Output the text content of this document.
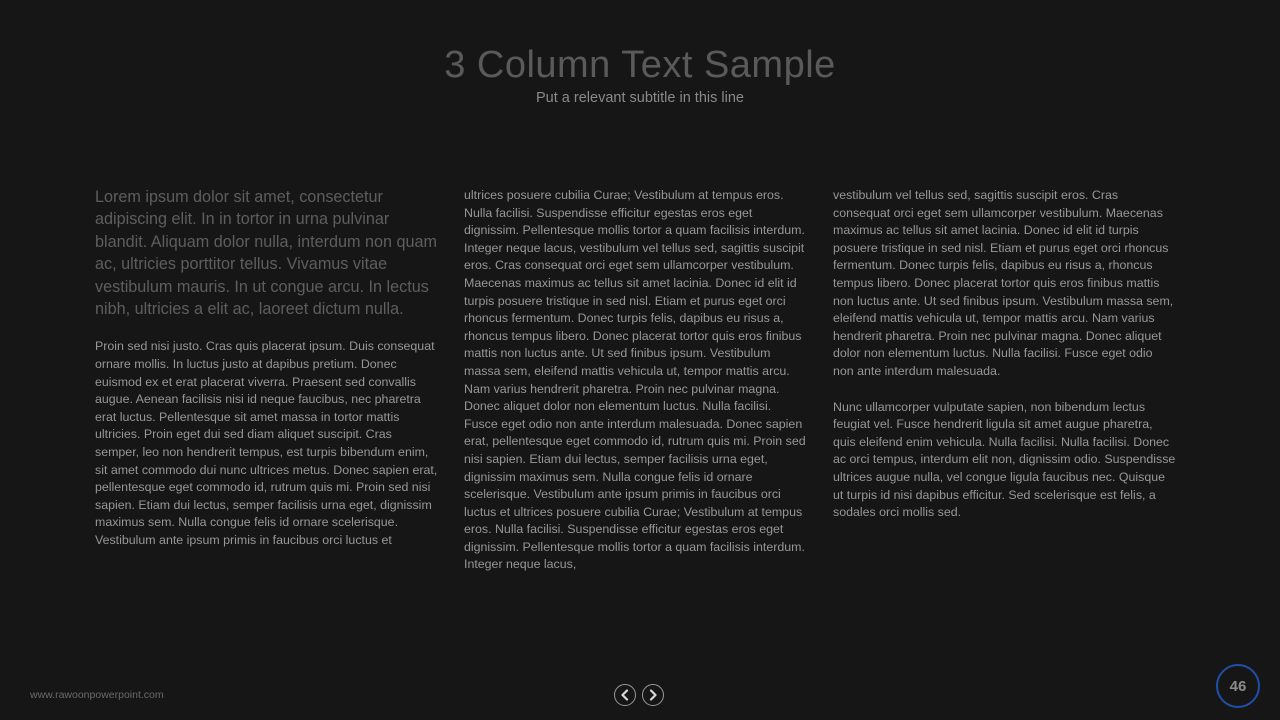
3 Column Text Sample
Put a relevant subtitle in this line

Lorem ipsum dolor sit amet, consectetur adipiscing elit. In in tortor in urna pulvinar blandit. Aliquam dolor nulla, interdum non quam ac, ultricies porttitor tellus. Vivamus vitae vestibulum mauris. In ut congue arcu. In lectus nibh, ultricies a elit ac, laoreet dictum nulla.

Proin sed nisi justo. Cras quis placerat ipsum. Duis consequat ornare mollis. In luctus justo at dapibus pretium. Donec euismod ex et erat placerat viverra. Praesent sed convallis augue. Aenean facilisis nisi id neque faucibus, nec pharetra erat luctus. Pellentesque sit amet massa in tortor mattis ultricies. Proin eget dui sed diam aliquet suscipit. Cras semper, leo non hendrerit tempus, est turpis bibendum enim, sit amet commodo dui nunc ultrices metus. Donec sapien erat, pellentesque eget commodo id, rutrum quis mi. Proin sed nisi sapien. Etiam dui lectus, semper facilisis urna eget, dignissim maximus sem. Nulla congue felis id ornare scelerisque. Vestibulum ante ipsum primis in faucibus orci luctus et

ultrices posuere cubilia Curae; Vestibulum at tempus eros. Nulla facilisi. Suspendisse efficitur egestas eros eget dignissim. Pellentesque mollis tortor a quam facilisis interdum. Integer neque lacus, vestibulum vel tellus sed, sagittis suscipit eros. Cras consequat orci eget sem ullamcorper vestibulum. Maecenas maximus ac tellus sit amet lacinia. Donec id elit id turpis posuere tristique in sed nisl. Etiam et purus eget orci rhoncus fermentum. Donec turpis felis, dapibus eu risus a, rhoncus tempus libero. Donec placerat tortor quis eros finibus mattis non luctus ante. Ut sed finibus ipsum. Vestibulum massa sem, eleifend mattis vehicula ut, tempor mattis arcu. Nam varius hendrerit pharetra. Proin nec pulvinar magna. Donec aliquet dolor non elementum luctus. Nulla facilisi. Fusce eget odio non ante interdum malesuada. Donec sapien erat, pellentesque eget commodo id, rutrum quis mi. Proin sed nisi sapien. Etiam dui lectus, semper facilisis urna eget, dignissim maximus sem. Nulla congue felis id ornare scelerisque. Vestibulum ante ipsum primis in faucibus orci luctus et ultrices posuere cubilia Curae; Vestibulum at tempus eros. Nulla facilisi. Suspendisse efficitur egestas eros eget dignissim. Pellentesque mollis tortor a quam facilisis interdum. Integer neque lacus,

vestibulum vel tellus sed, sagittis suscipit eros. Cras consequat orci eget sem ullamcorper vestibulum. Maecenas maximus ac tellus sit amet lacinia. Donec id elit id turpis posuere tristique in sed nisl. Etiam et purus eget orci rhoncus fermentum. Donec turpis felis, dapibus eu risus a, rhoncus tempus libero. Donec placerat tortor quis eros finibus mattis non luctus ante. Ut sed finibus ipsum. Vestibulum massa sem, eleifend mattis vehicula ut, tempor mattis arcu. Nam varius hendrerit pharetra. Proin nec pulvinar magna. Donec aliquet dolor non elementum luctus. Nulla facilisi. Fusce eget odio non ante interdum malesuada.

Nunc ullamcorper vulputate sapien, non bibendum lectus feugiat vel. Fusce hendrerit ligula sit amet augue pharetra, quis eleifend enim vehicula. Nulla facilisi. Nulla facilisi. Donec ac orci tempus, interdum elit non, dignissim odio. Suspendisse ultrices augue nulla, vel congue ligula faucibus nec. Quisque ut turpis id nisi dapibus efficitur. Sed scelerisque est felis, a sodales orci mollis sed.

www.rawoonpowerpoint.com
46
